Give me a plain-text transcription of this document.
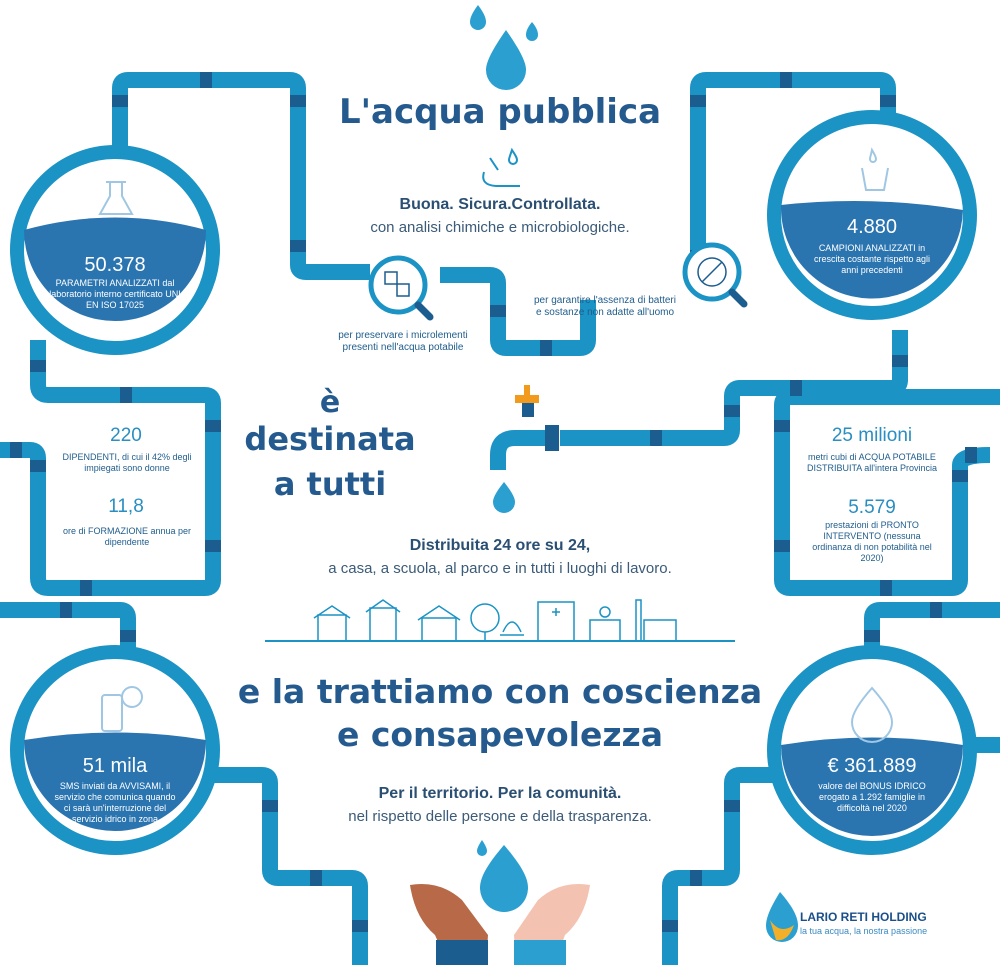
L'acqua pubblica
Buona. Sicura.Controllata.
con analisi chimiche e microbiologiche.
per preservare i microlementi presenti nell'acqua potabile
per garantire l'assenza di batteri e sostanze non adatte all'uomo
50.378
PARAMETRI ANALIZZATI dal laboratorio interno certificato UNI EN ISO 17025
4.880
CAMPIONI ANALIZZATI in crescita costante rispetto agli anni precedenti
51 mila
SMS inviati da AVVISAMI, il servizio che comunica quando ci sarà un'interruzione del servizio idrico in zona
€ 361.889
valore del BONUS IDRICO erogato a 1.292 famiglie in difficoltà nel 2020
220
DIPENDENTI, di cui il 42% degli impiegati sono donne
11,8
ore di FORMAZIONE annua per dipendente
25 milioni
metri cubi di ACQUA POTABILE DISTRIBUITA all'intera Provincia
5.579
prestazioni di PRONTO INTERVENTO (nessuna ordinanza di non potabilità nel 2020)
è
destinata
a tutti
Distribuita 24 ore su 24,
a casa, a scuola, al parco e in tutti i luoghi di lavoro.
e la trattiamo con coscienza
e consapevolezza
Per il territorio. Per la comunità.
nel rispetto delle persone e della trasparenza.
LARIO RETI HOLDING
la tua acqua, la nostra passione
